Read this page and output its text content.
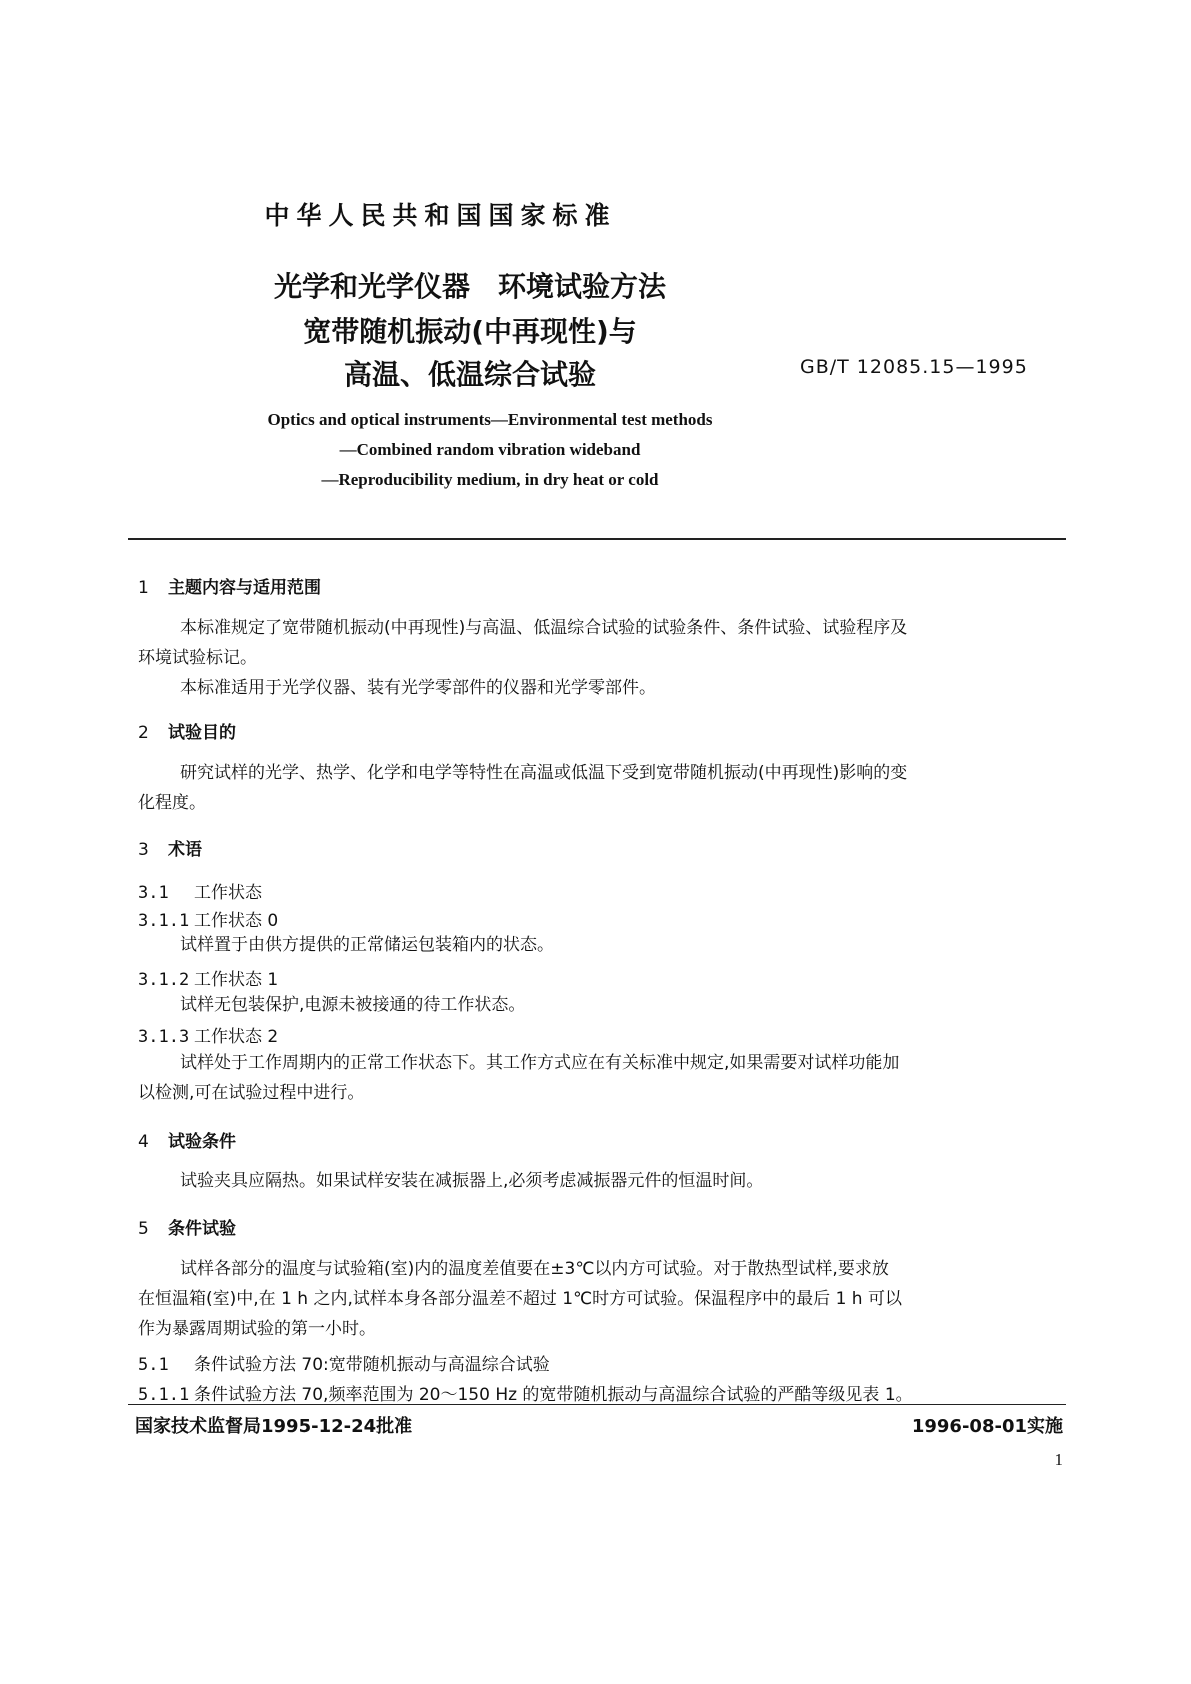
中华人民共和国国家标准
光学和光学仪器　环境试验方法
宽带随机振动(中再现性)与
高温、低温综合试验	GB/T 12085.15—1995
Optics and optical instruments—Environmental test methods
—Combined random vibration wideband
—Reproducibility medium, in dry heat or cold
1 主题内容与适用范围
本标准规定了宽带随机振动(中再现性)与高温、低温综合试验的试验条件、条件试验、试验程序及
环境试验标记。
本标准适用于光学仪器、装有光学零部件的仪器和光学零部件。
2 试验目的
研究试样的光学、热学、化学和电学等特性在高温或低温下受到宽带随机振动(中再现性)影响的变
化程度。
3 术语
3.1 工作状态
3.1.1 工作状态 0
试样置于由供方提供的正常储运包装箱内的状态。
3.1.2 工作状态 1
试样无包装保护,电源未被接通的待工作状态。
3.1.3 工作状态 2
试样处于工作周期内的正常工作状态下。其工作方式应在有关标准中规定,如果需要对试样功能加
以检测,可在试验过程中进行。
4 试验条件
试验夹具应隔热。如果试样安装在减振器上,必须考虑减振器元件的恒温时间。
5 条件试验
试样各部分的温度与试验箱(室)内的温度差值要在±3℃以内方可试验。对于散热型试样,要求放
在恒温箱(室)中,在 1 h 之内,试样本身各部分温差不超过 1℃时方可试验。保温程序中的最后 1 h 可以
作为暴露周期试验的第一小时。
5.1 条件试验方法 70:宽带随机振动与高温综合试验
5.1.1 条件试验方法 70,频率范围为 20～150 Hz 的宽带随机振动与高温综合试验的严酷等级见表 1。
国家技术监督局1995-12-24批准	1996-08-01实施
1
